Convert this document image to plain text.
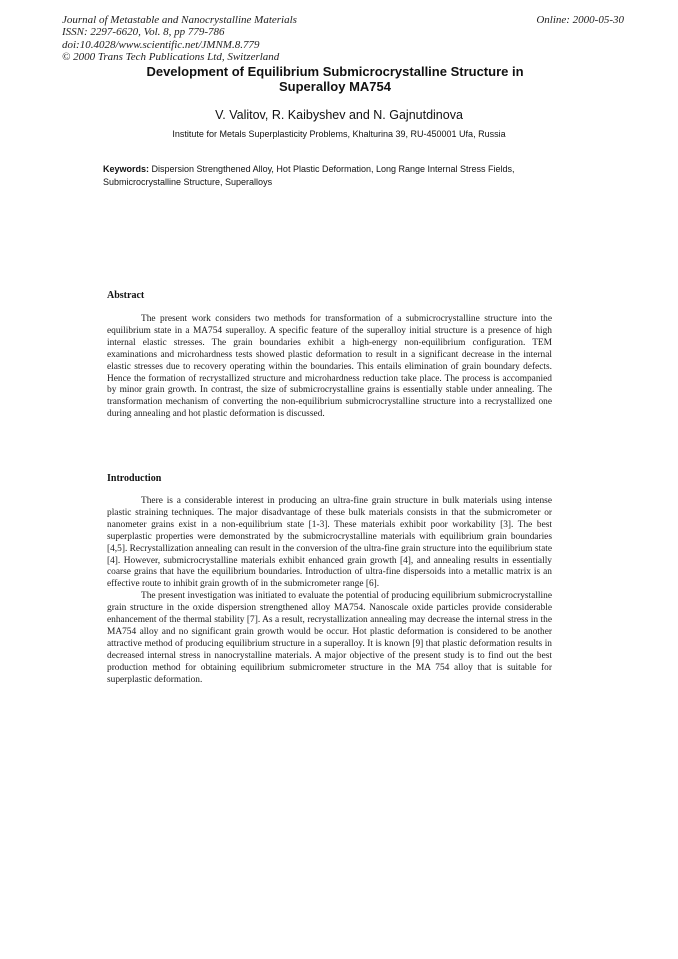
Journal of Metastable and Nanocrystalline Materials
ISSN: 2297-6620, Vol. 8, pp 779-786
doi:10.4028/www.scientific.net/JMNM.8.779
© 2000 Trans Tech Publications Ltd, Switzerland
Online: 2000-05-30
Development of Equilibrium Submicrocrystalline Structure in
Superalloy MA754
V. Valitov, R. Kaibyshev and N. Gajnutdinova
Institute for Metals Superplasticity Problems, Khalturina 39, RU-450001 Ufa, Russia
Keywords: Dispersion Strengthened Alloy, Hot Plastic Deformation, Long Range Internal Stress Fields, Submicrocrystalline Structure, Superalloys
Abstract

The present work considers two methods for transformation of a submicrocrystalline structure into the equilibrium state in a MA754 superalloy. A specific feature of the superalloy initial structure is a presence of high internal elastic stresses. The grain boundaries exhibit a high-energy non-equilibrium configuration. TEM examinations and microhardness tests showed plastic deformation to result in a significant decrease in the internal elastic stresses due to recovery operating within the boundaries. This entails elimination of grain boundary defects. Hence the formation of recrystallized structure and microhardness reduction take place. The process is accompanied by minor grain growth. In contrast, the size of submicrocrystalline grains is essentially stable under annealing. The transformation mechanism of converting the non-equilibrium submicrocrystalline structure into a recrystallized one during annealing and hot plastic deformation is discussed.

Introduction

There is a considerable interest in producing an ultra-fine grain structure in bulk materials using intense plastic straining techniques. The major disadvantage of these bulk materials consists in that the submicrometer or nanometer grains exist in a non-equilibrium state [1-3]. These materials exhibit poor workability [3]. The best superplastic properties were demonstrated by the submicrocrystalline materials with equilibrium grain boundaries [4,5]. Recrystallization annealing can result in the conversion of the ultra-fine grain structure into the equilibrium state [4]. However, submicrocrystalline materials exhibit enhanced grain growth [4], and annealing results in essentially coarse grains that have the equilibrium boundaries. Introduction of ultra-fine dispersoids into a metallic matrix is an effective route to inhibit grain growth of in the submicrometer range [6].

The present investigation was initiated to evaluate the potential of producing equilibrium submicrocrystalline grain structure in the oxide dispersion strengthened alloy MA754. Nanoscale oxide particles provide considerable enhancement of the thermal stability [7]. As a result, recrystallization annealing may decrease the internal stress in the MA754 alloy and no significant grain growth would be occur. Hot plastic deformation is considered to be another attractive method of producing equilibrium structure in a superalloy. It is known [9] that plastic deformation results in decreased internal stress in nanocrystalline materials. A major objective of the present study is to find out the best production method for obtaining equilibrium submicrometer structure in the MA 754 alloy that is suitable for superplastic deformation.
